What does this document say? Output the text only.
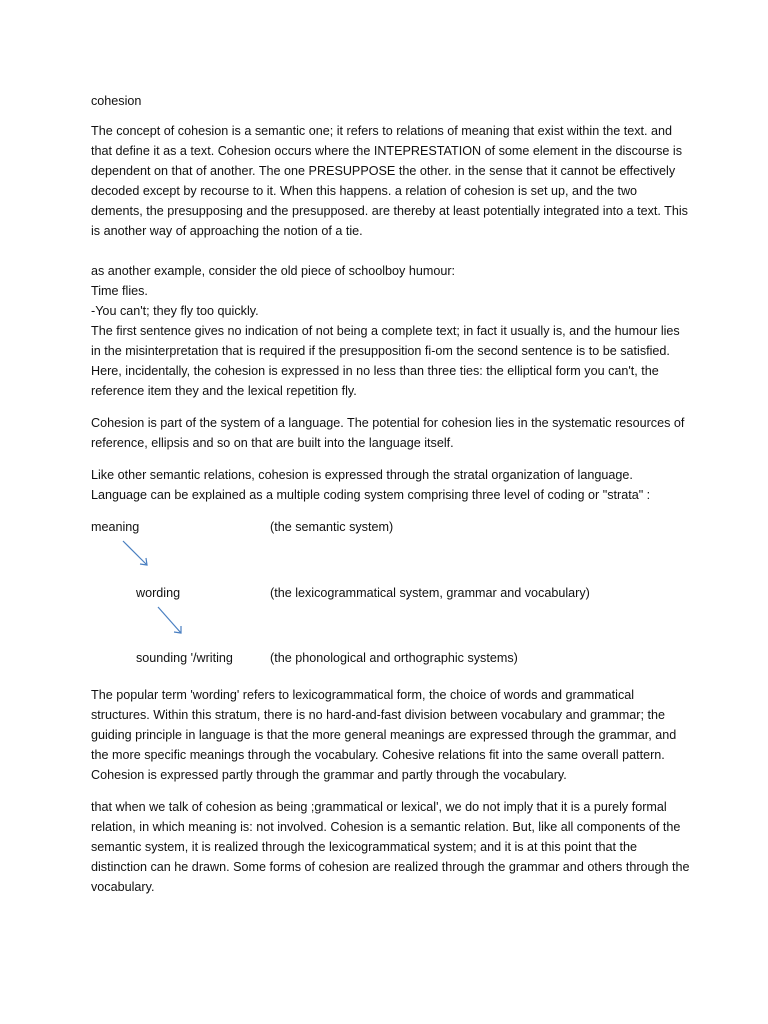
cohesion

The concept of cohesion is a semantic one; it refers to relations of meaning that exist within the text. and that define it as a text. Cohesion occurs where the INTEPRESTATION of some element in the discourse is dependent on that of another. The one PRESUPPOSE the other. in the sense that it cannot be effectively decoded except by recourse to it. When this happens. a relation of cohesion is set up, and the two dements, the presupposing and the presupposed. are thereby at least potentially integrated into a text. This is another way of approaching the notion of a tie.

as another example, consider the old piece of schoolboy humour:

Time flies.

-You can't; they fly too quickly.

The first sentence gives no indication of not being a complete text; in fact it usually is, and the humour lies in the misinterpretation that is required if the presupposition fi-om the second sentence is to be satisfied. Here, incidentally, the cohesion is expressed in no less than three ties: the elliptical form you can't, the reference item they and the lexical repetition fly.

Cohesion is part of the system of a language. The potential for cohesion lies in the systematic resources of reference, ellipsis and so on that are built into the language itself.

Like other semantic relations, cohesion is expressed through the stratal organization of language. Language can be explained as a multiple coding system comprising three level of coding or "strata" :

meaning	(the semantic system)
wording	(the lexicogrammatical system, grammar and vocabulary)
sounding '/writing	(the phonological and orthographic systems)

The popular term 'wording' refers to lexicogrammatical form, the choice of words and grammatical structures. Within this stratum, there is no hard-and-fast division between vocabulary and grammar; the guiding principle in language is that the more general meanings are expressed through the grammar, and the more specific meanings through the vocabulary. Cohesive relations fit into the same overall pattern. Cohesion is expressed partly through the grammar and partly through the vocabulary.

that when we talk of cohesion as being ;grammatical or lexical', we do not imply that it is a purely formal relation, in which meaning is: not involved. Cohesion is a semantic relation. But, like all components of the semantic system, it is realized through the lexicogrammatical system; and it is at this point that the distinction can he drawn. Some forms of cohesion are realized through the grammar and others through the vocabulary.
